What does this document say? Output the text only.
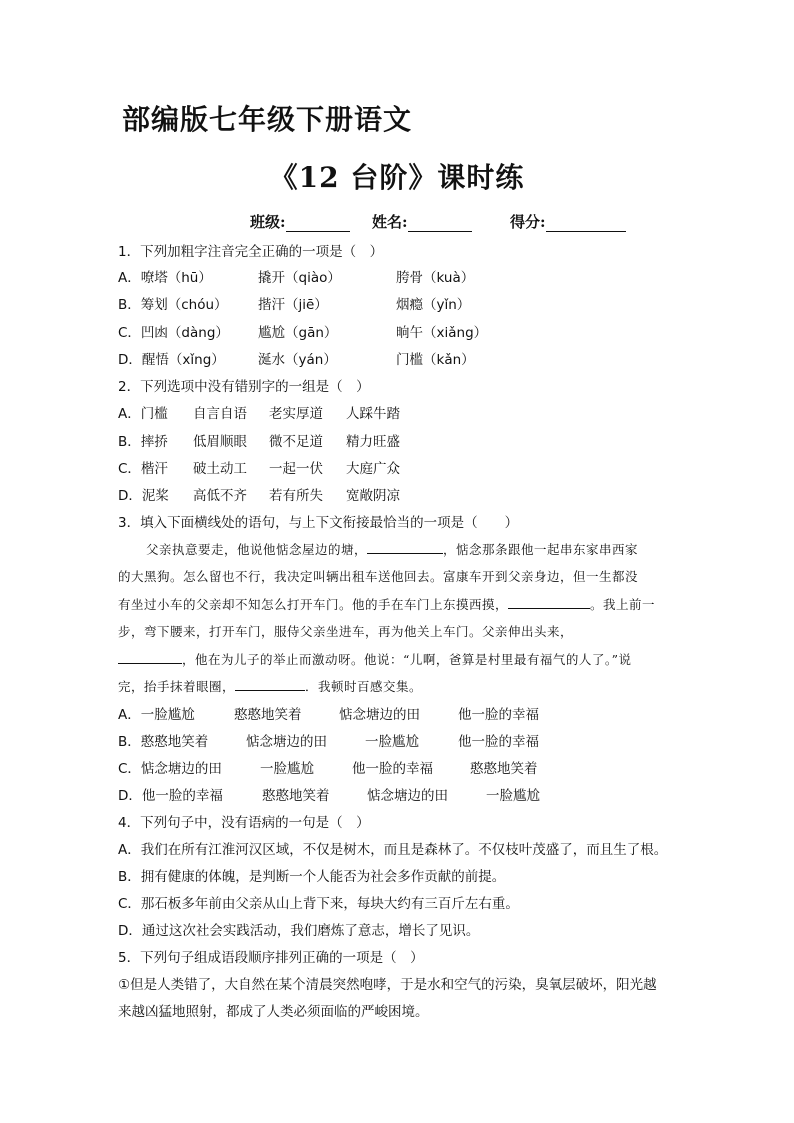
部编版七年级下册语文
《12 台阶》课时练
班级:	姓名:	得分:
1．下列加粗字注音完全正确的一项是（　）
A．嘹塔（hū）	撬开（qiào）	胯骨（kuà）
B．筹划（chóu） 揩汗（jiē）	烟瘾（yǐn）
C．凹凼（dàng） 尴尬（gān）	晌午（xiǎng）
D．醒悟（xǐng） 涎水（yán）	门槛（kǎn）
2．下列选项中没有错别字的一组是（　）
A．门槛 自言自语 老实厚道 人踩牛踏
B．摔挢 低眉顺眼 微不足道 精力旺盛
C．楷汗 破土动工 一起一伏 大庭广众
D．泥桨 高低不齐 若有所失 宽敞阴凉
3．填入下面横线处的语句，与上下文衔接最恰当的一项是（　　）
父亲执意要走，他说他惦念屋边的塘，	，惦念那条跟他一起串东家串西家
的大黑狗。怎么留也不行，我决定叫辆出租车送他回去。富康车开到父亲身边，但一生都没
有坐过小车的父亲却不知怎么打开车门。他的手在车门上东摸西摸，	。我上前一
步，弯下腰来，打开车门，服侍父亲坐进车，再为他关上车门。父亲伸出头来，
，他在为儿子的举止而激动呀。他说：“儿啊，爸算是村里最有福气的人了。”说
完，抬手抹着眼圈，	．我顿时百感交集。
A．一脸尴尬	憨憨地笑着	惦念塘边的田	他一脸的幸福
B．憨憨地笑着	惦念塘边的田	一脸尴尬	他一脸的幸福
C．惦念塘边的田	一脸尴尬	他一脸的幸福	憨憨地笑着
D．他一脸的幸福	憨憨地笑着	惦念塘边的田	一脸尴尬
4．下列句子中，没有语病的一句是（　）
A．我们在所有江淮河汉区域，不仅是树木，而且是森林了。不仅枝叶茂盛了，而且生了根。
B．拥有健康的体魄，是判断一个人能否为社会多作贡献的前提。
C．那石板多年前由父亲从山上背下来，每块大约有三百斤左右重。
D．通过这次社会实践活动，我们磨炼了意志，增长了见识。
5．下列句子组成语段顺序排列正确的一项是（　）
①但是人类错了，大自然在某个清晨突然咆哮，于是水和空气的污染，臭氧层破坏，阳光越
来越凶猛地照射，都成了人类必须面临的严峻困境。
